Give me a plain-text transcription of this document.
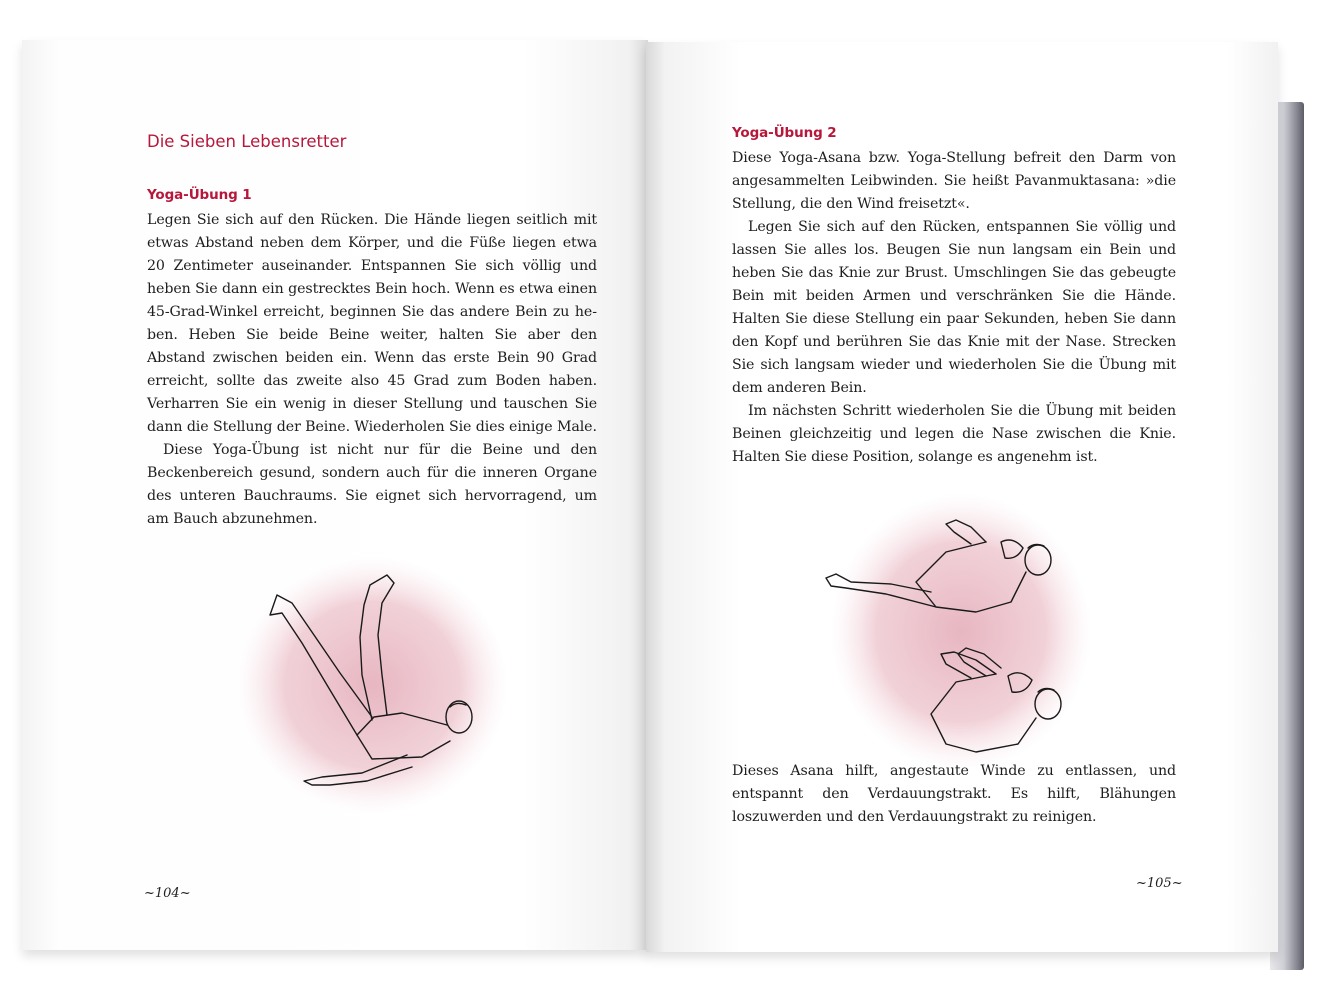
Die Sieben Lebensretter
Yoga-Übung 1

Legen Sie sich auf den Rücken. Die Hände liegen seitlich mit etwas Abstand neben dem Körper, und die Füße liegen etwa 20 Zentimeter auseinander. Entspannen Sie sich völlig und heben Sie dann ein gestrecktes Bein hoch. Wenn es etwa einen 45-Grad-Winkel erreicht, beginnen Sie das andere Bein zu heben. Heben Sie beide Beine weiter, halten Sie aber den Abstand zwischen beiden ein. Wenn das erste Bein 90 Grad erreicht, sollte das zweite also 45 Grad zum Boden haben. Verharren Sie ein wenig in dieser Stellung und tauschen Sie dann die Stellung der Beine. Wiederholen Sie dies einige Male.

Diese Yoga-Übung ist nicht nur für die Beine und den Beckenbereich gesund, sondern auch für die inneren Organe des unteren Bauchraums. Sie eignet sich hervorragend, um am Bauch abzunehmen.

~104~
Yoga-Übung 2

Diese Yoga-Asana bzw. Yoga-Stellung befreit den Darm von angesammelten Leibwinden. Sie heißt Pavanmuktasana: »die Stellung, die den Wind freisetzt«.

Legen Sie sich auf den Rücken, entspannen Sie völlig und lassen Sie alles los. Beugen Sie nun langsam ein Bein und heben Sie das Knie zur Brust. Umschlingen Sie das gebeugte Bein mit beiden Armen und verschränken Sie die Hände. Halten Sie diese Stellung ein paar Sekunden, heben Sie dann den Kopf und berühren Sie das Knie mit der Nase. Strecken Sie sich langsam wieder und wiederholen Sie die Übung mit dem anderen Bein.

Im nächsten Schritt wiederholen Sie die Übung mit beiden Beinen gleichzeitig und legen die Nase zwischen die Knie. Halten Sie diese Position, solange es angenehm ist.

Dieses Asana hilft, angestaute Winde zu entlassen, und entspannt den Verdauungstrakt. Es hilft, Blähungen loszuwerden und den Verdauungstrakt zu reinigen.

~105~
